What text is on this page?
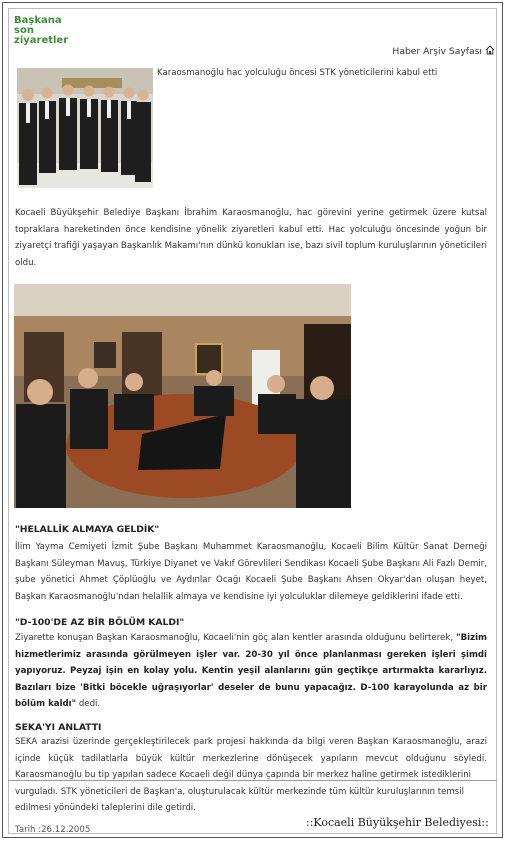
Başkana
son
ziyaretler
Haber Arşiv Sayfası
Karaosmanoğlu hac yolculuğu öncesi STK yöneticilerini kabul etti
Kocaeli Büyükşehir Belediye Başkanı İbrahim Karaosmanoğlu, hac görevini yerine getirmek üzere kutsal topraklara hareketinden önce kendisine yönelik ziyaretleri kabul etti. Hac yolculuğu öncesinde yoğun bir ziyaretçi trafiği yaşayan Başkanlık Makamı'nın dünkü konukları ise, bazı sivil toplum kuruluşlarının yöneticileri oldu.
"HELALLİK ALMAYA GELDİK"
İlim Yayma Cemiyeti İzmit Şube Başkanı Muhammet Karaosmanoğlu, Kocaeli Bilim Kültür Sanat Derneği Başkanı Süleyman Mavuş, Türkiye Diyanet ve Vakıf Görevlileri Sendikası Kocaeli Şube Başkanı Ali Fazlı Demir, şube yönetici Ahmet Çöplüoğlu ve Aydınlar Ocağı Kocaeli Şube Başkanı Ahsen Okyar'dan oluşan heyet, Başkan Karaosmanoğlu'ndan helallik almaya ve kendisine iyi yolculuklar dilemeye geldiklerini ifade etti.
"D-100'DE AZ BİR BÖLÜM KALDI"
Ziyarette konuşan Başkan Karaosmanoğlu, Kocaeli'nin göç alan kentler arasında olduğunu belirterek, "Bizim hizmetlerimiz arasında görülmeyen işler var. 20-30 yıl önce planlanması gereken işleri şimdi yapıyoruz. Peyzaj işin en kolay yolu. Kentin yeşil alanlarını gün geçtikçe artırmakta kararlıyız. Bazıları bize 'Bitki böcekle uğraşıyorlar' deseler de bunu yapacağız. D-100 karayolunda az bir bölüm kaldı" dedi.
SEKA'YI ANLATTI
SEKA arazisi üzerinde gerçekleştirilecek park projesi hakkında da bilgi veren Başkan Karaosmanoğlu, arazi içinde küçük tadilatlarla büyük kültür merkezlerine dönüşecek yapıların mevcut olduğunu söyledi. Karaosmanoğlu bu tip yapılan sadece Kocaeli değil dünya çapında bir merkez haline getirmek istediklerini
vurguladı. STK yöneticileri de Başkan'a, oluşturulacak kültür merkezinde tüm kültür kuruluşlarının temsil edilmesi yönündeki taleplerini dile getirdi.
Tarih :26.12.2005
::Kocaeli Büyükşehir Belediyesi::
